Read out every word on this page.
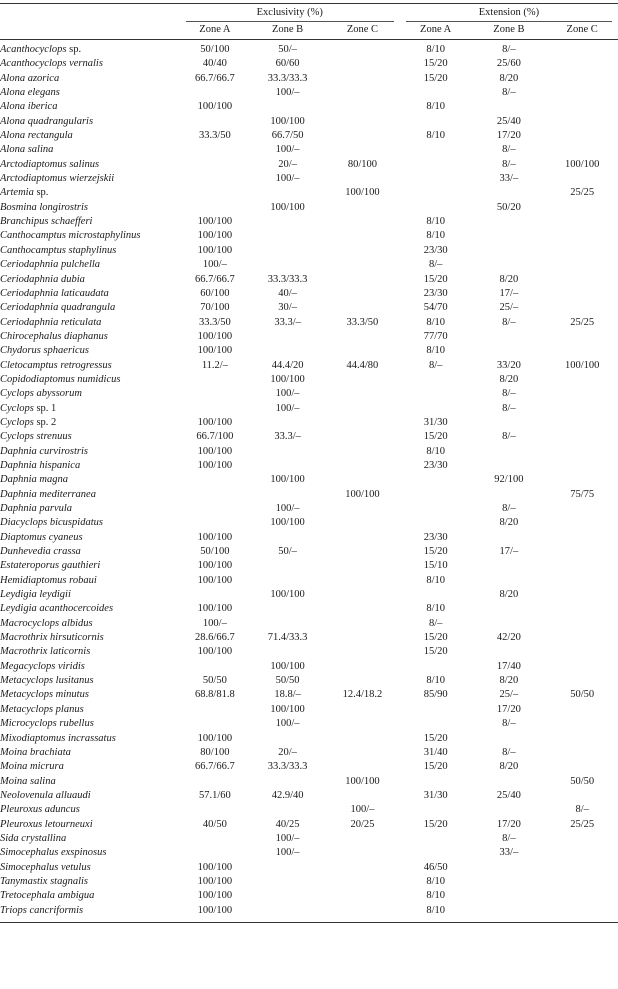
	Exclusivity (%)			Extension (%)		

	Zone A	Zone B	Zone C	Zone A	Zone B	Zone C

Acanthocyclops sp.	50/100	50/–		8/10	8/–	
Acanthocyclops vernalis	40/40	60/60		15/20	25/60	
Alona azorica	66.7/66.7	33.3/33.3		15/20	8/20	
Alona elegans		100/–			8/–	
Alona iberica	100/100			8/10		
Alona quadrangularis		100/100			25/40	
Alona rectangula	33.3/50	66.7/50		8/10	17/20	
Alona salina		100/–			8/–	
Arctodiaptomus salinus		20/–	80/100		8/–	100/100
Arctodiaptomus wierzejskii		100/–			33/–	
Artemia sp.			100/100			25/25
Bosmina longirostris		100/100			50/20	
Branchipus schaefferi	100/100			8/10		
Canthocamptus microstaphylinus	100/100			8/10		
Canthocamptus staphylinus	100/100			23/30		
Ceriodaphnia pulchella	100/–			8/–		
Ceriodaphnia dubia	66.7/66.7	33.3/33.3		15/20	8/20	
Ceriodaphnia laticaudata	60/100	40/–		23/30	17/–	
Ceriodaphnia quadrangula	70/100	30/–		54/70	25/–	
Ceriodaphnia reticulata	33.3/50	33.3/–	33.3/50	8/10	8/–	25/25
Chirocephalus diaphanus	100/100			77/70		
Chydorus sphaericus	100/100			8/10		
Cletocamptus retrogressus	11.2/–	44.4/20	44.4/80	8/–	33/20	100/100
Copidodiaptomus numidicus		100/100			8/20	
Cyclops abyssorum		100/–			8/–	
Cyclops sp. 1		100/–			8/–	
Cyclops sp. 2	100/100			31/30		
Cyclops strenuus	66.7/100	33.3/–		15/20	8/–	
Daphnia curvirostris	100/100			8/10		
Daphnia hispanica	100/100			23/30		
Daphnia magna		100/100			92/100	
Daphnia mediterranea			100/100			75/75
Daphnia parvula		100/–			8/–	
Diacyclops bicuspidatus		100/100			8/20	
Diaptomus cyaneus	100/100			23/30		
Dunhevedia crassa	50/100	50/–		15/20	17/–	
Estateroporus gauthieri	100/100			15/10		
Hemidiaptomus robaui	100/100			8/10		
Leydigia leydigii		100/100			8/20	
Leydigia acanthocercoides	100/100			8/10		
Macrocyclops albidus	100/–			8/–		
Macrothrix hirsuticornis	28.6/66.7	71.4/33.3		15/20	42/20	
Macrothrix laticornis	100/100			15/20		
Megacyclops viridis		100/100			17/40	
Metacyclops lusitanus	50/50	50/50		8/10	8/20	
Metacyclops minutus	68.8/81.8	18.8/–	12.4/18.2	85/90	25/–	50/50
Metacyclops planus		100/100			17/20	
Microcyclops rubellus		100/–			8/–	
Mixodiaptomus incrassatus	100/100			15/20		
Moina brachiata	80/100	20/–		31/40	8/–	
Moina micrura	66.7/66.7	33.3/33.3		15/20	8/20	
Moina salina			100/100			50/50
Neolovenula alluaudi	57.1/60	42.9/40		31/30	25/40	
Pleuroxus aduncus			100/–			8/–
Pleuroxus letourneuxi	40/50	40/25	20/25	15/20	17/20	25/25
Sida crystallina		100/–			8/–	
Simocephalus exspinosus		100/–			33/–	
Simocephalus vetulus	100/100			46/50		
Tanymastix stagnalis	100/100			8/10		
Tretocephala ambigua	100/100			8/10		
Triops cancriformis	100/100			8/10		
